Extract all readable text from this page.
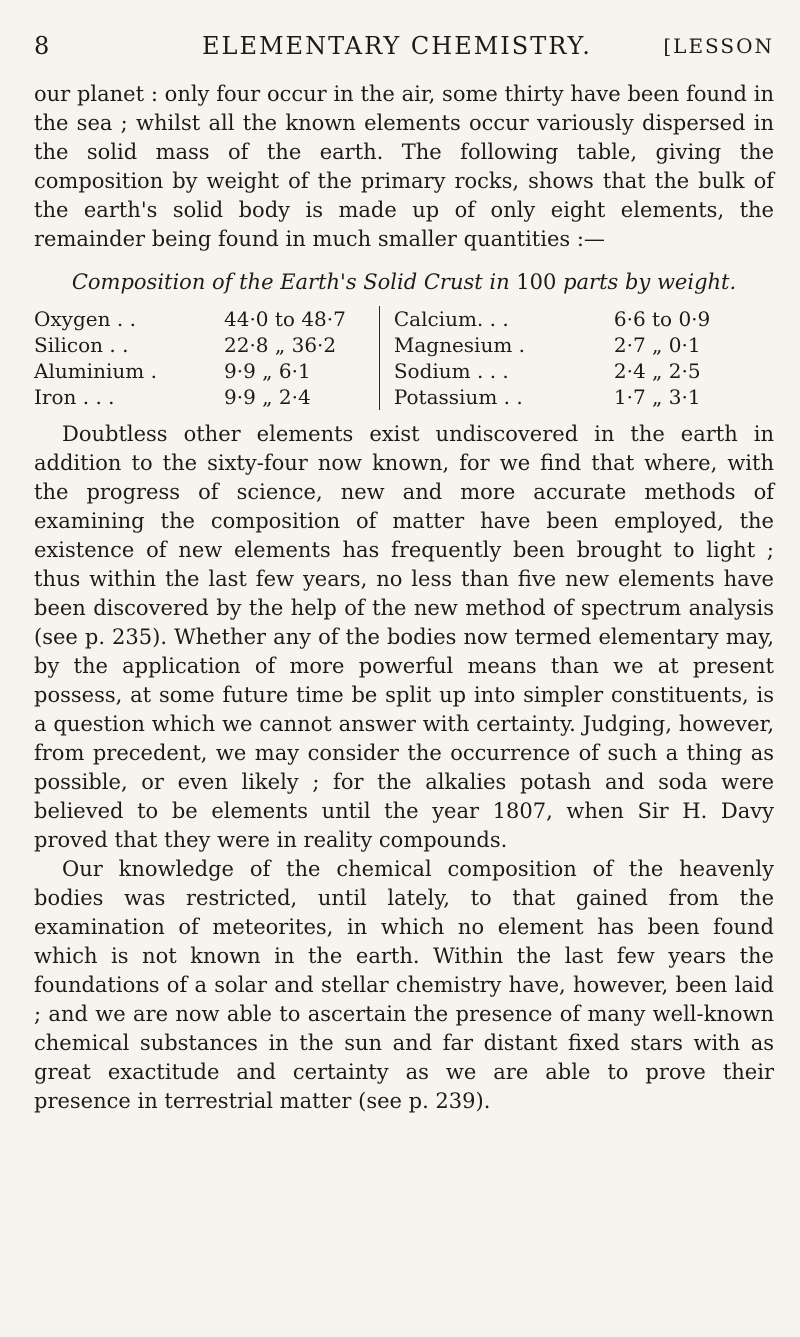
8	ELEMENTARY CHEMISTRY.	[LESSON

our planet : only four occur in the air, some thirty have been found in the sea ; whilst all the known elements occur variously dispersed in the solid mass of the earth. The following table, giving the composition by weight of the primary rocks, shows that the bulk of the earth's solid body is made up of only eight elements, the remainder being found in much smaller quantities :—

Composition of the Earth's Solid Crust in 100 parts by weight.
Oxygen . .	44·0 to 48·7
Silicon . .	22·8 „ 36·2
Aluminium .	9·9 „ 6·1
Iron . . .	9·9 „ 2·4
Calcium. . .	6·6 to 0·9
Magnesium .	2·7 „ 0·1
Sodium . . .	2·4 „ 2·5
Potassium . .	1·7 „ 3·1

Doubtless other elements exist undiscovered in the earth in addition to the sixty-four now known, for we find that where, with the progress of science, new and more accurate methods of examining the composition of matter have been employed, the existence of new elements has frequently been brought to light ; thus within the last few years, no less than five new elements have been discovered by the help of the new method of spectrum analysis (see p. 235). Whether any of the bodies now termed elementary may, by the application of more powerful means than we at present possess, at some future time be split up into simpler constituents, is a question which we cannot answer with certainty. Judging, however, from precedent, we may consider the occurrence of such a thing as possible, or even likely ; for the alkalies potash and soda were believed to be elements until the year 1807, when Sir H. Davy proved that they were in reality compounds.

Our knowledge of the chemical composition of the heavenly bodies was restricted, until lately, to that gained from the examination of meteorites, in which no element has been found which is not known in the earth. Within the last few years the foundations of a solar and stellar chemistry have, however, been laid ; and we are now able to ascertain the presence of many well-known chemical substances in the sun and far distant fixed stars with as great exactitude and certainty as we are able to prove their presence in terrestrial matter (see p. 239).
